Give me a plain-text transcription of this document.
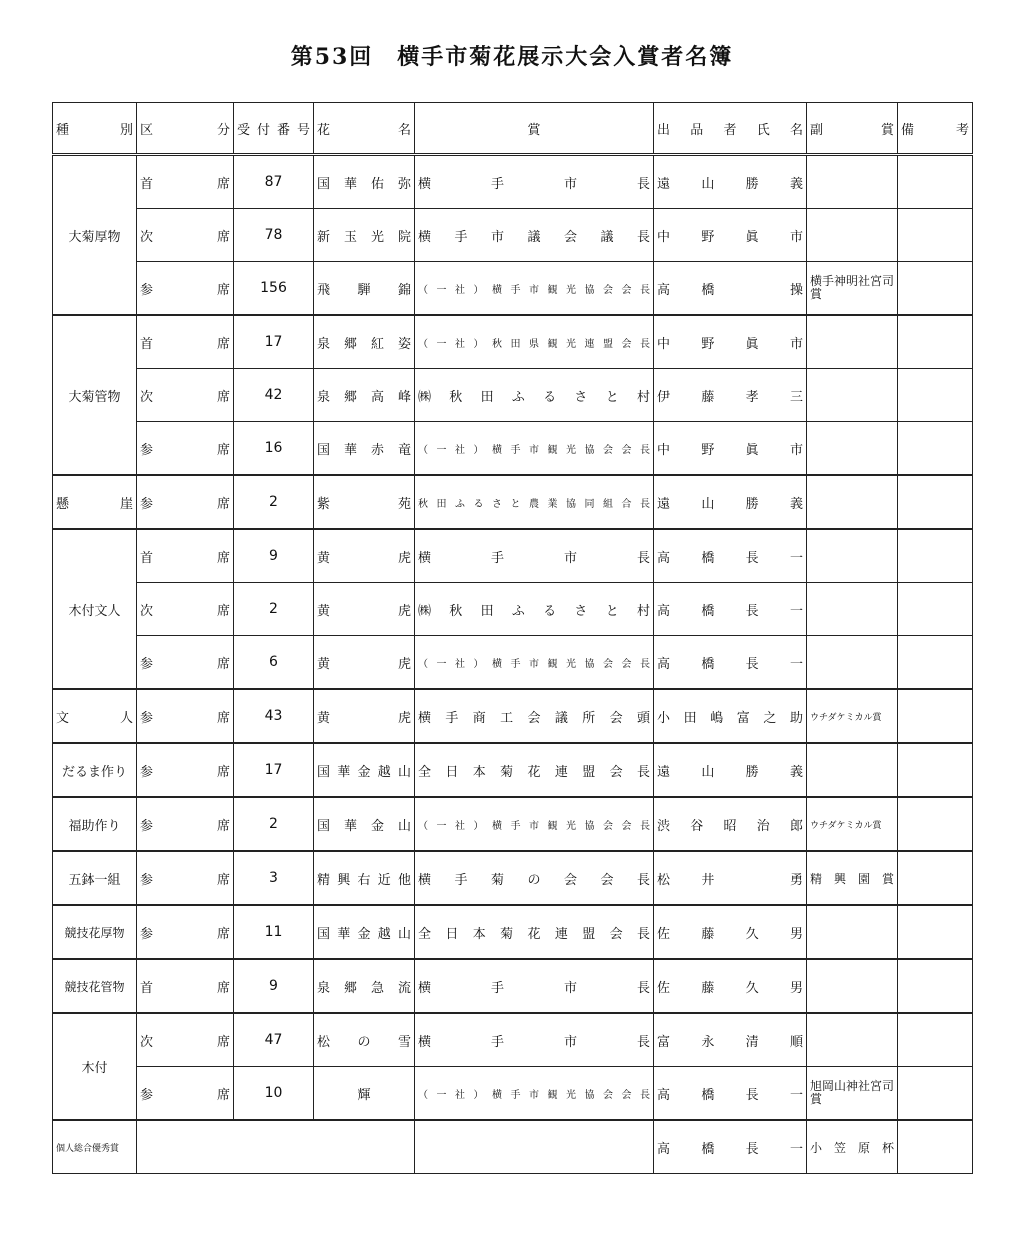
第53回　横手市菊花展示大会入賞者名簿
種　　別	区　　分	受付番号	花　　名	賞	出品者氏名	副　　賞	備　　考
大菊厚物	首　　席	87	国華佑弥	横手市長	遠山勝義		
	次　　席	78	新玉光院	横手市議会議長	中野眞市		
	参　　席	156	飛騨錦	（一社）横手市観光協会会長	高橋　操	横手神明社宮司賞	
大菊管物	首　　席	17	泉郷紅姿	（一社）秋田県観光連盟会長	中野眞市		
	次　　席	42	泉郷高峰	㈱秋田ふるさと村	伊藤孝三		
	参　　席	16	国華赤竜	（一社）横手市観光協会会長	中野眞市		
懸　　崖	参　　席	2	紫　苑	秋田ふるさと農業協同組合長	遠山勝義		
木付文人	首　　席	9	黄　虎	横手市長	高橋長一		
	次　　席	2	黄　虎	㈱秋田ふるさと村	高橋長一		
	参　　席	6	黄　虎	（一社）横手市観光協会会長	高橋長一		
文　　人	参　　席	43	黄　虎	横手商工会議所会頭	小田嶋富之助	ウチダケミカル賞	
だるま作り	参　　席	17	国華金越山	全日本菊花連盟会長	遠山勝義		
福助作り	参　　席	2	国華金山	（一社）横手市観光協会会長	渋谷昭治郎	ウチダケミカル賞	
五鉢一組	参　　席	3	精興右近他	横手菊の会会長	松井　勇	精興園賞	
競技花厚物	参　　席	11	国華金越山	全日本菊花連盟会長	佐藤久男		
競技花管物	首　　席	9	泉郷急流	横手市長	佐藤久男		
木付	次　　席	47	松の雪	横手市長	富永清順		
	参　　席	10	輝	（一社）横手市観光協会会長	高橋長一	旭岡山神社宮司賞	
個人総合優秀賞					高橋長一	小笠原杯	
